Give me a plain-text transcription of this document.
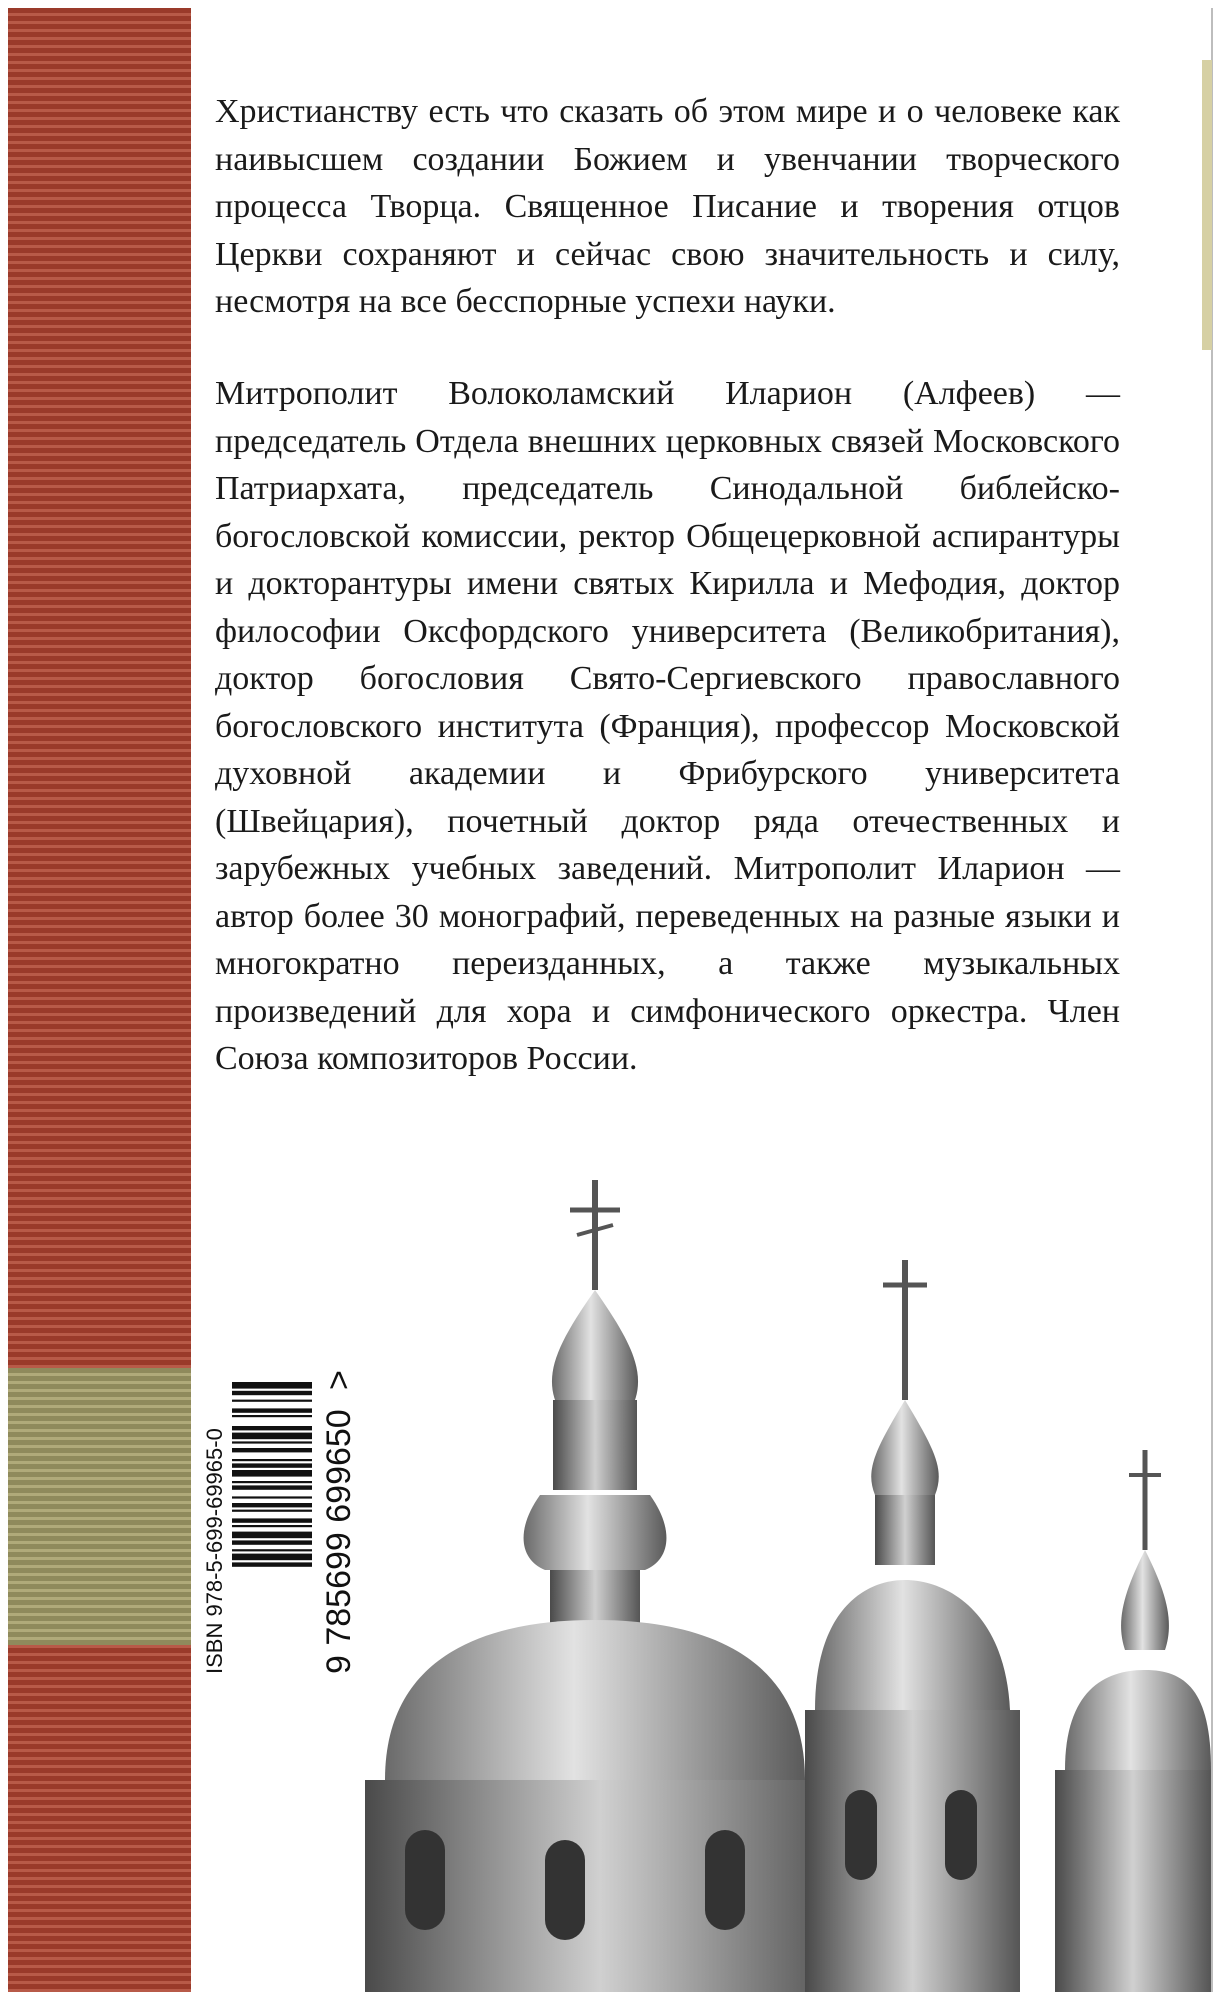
Христианству есть что сказать об этом мире и о человеке как наивысшем создании Божием и увенчании творческого процесса Творца. Священное Писание и творения отцов Церкви сохраняют и сейчас свою значительность и силу, несмотря на все бесспорные успехи науки.

Митрополит Волоколамский Иларион (Алфеев) — председатель Отдела внешних церковных связей Московского Патриархата, председатель Синодальной библейско-богословской комиссии, ректор Общецерковной аспирантуры и докторантуры имени святых Кирилла и Мефодия, доктор философии Оксфордского университета (Великобритания), доктор богословия Свято-Сергиевского православного богословского института (Франция), профессор Московской духовной академии и Фрибурского университета (Швейцария), почетный доктор ряда отечественных и зарубежных учебных заведений. Митрополит Иларион — автор более 30 монографий, переведенных на разные языки и многократно переизданных, а также музыкальных произведений для хора и симфонического оркестра. Член Союза композиторов России.

ISBN 978-5-699-69965-0	9 785699 699650
>
